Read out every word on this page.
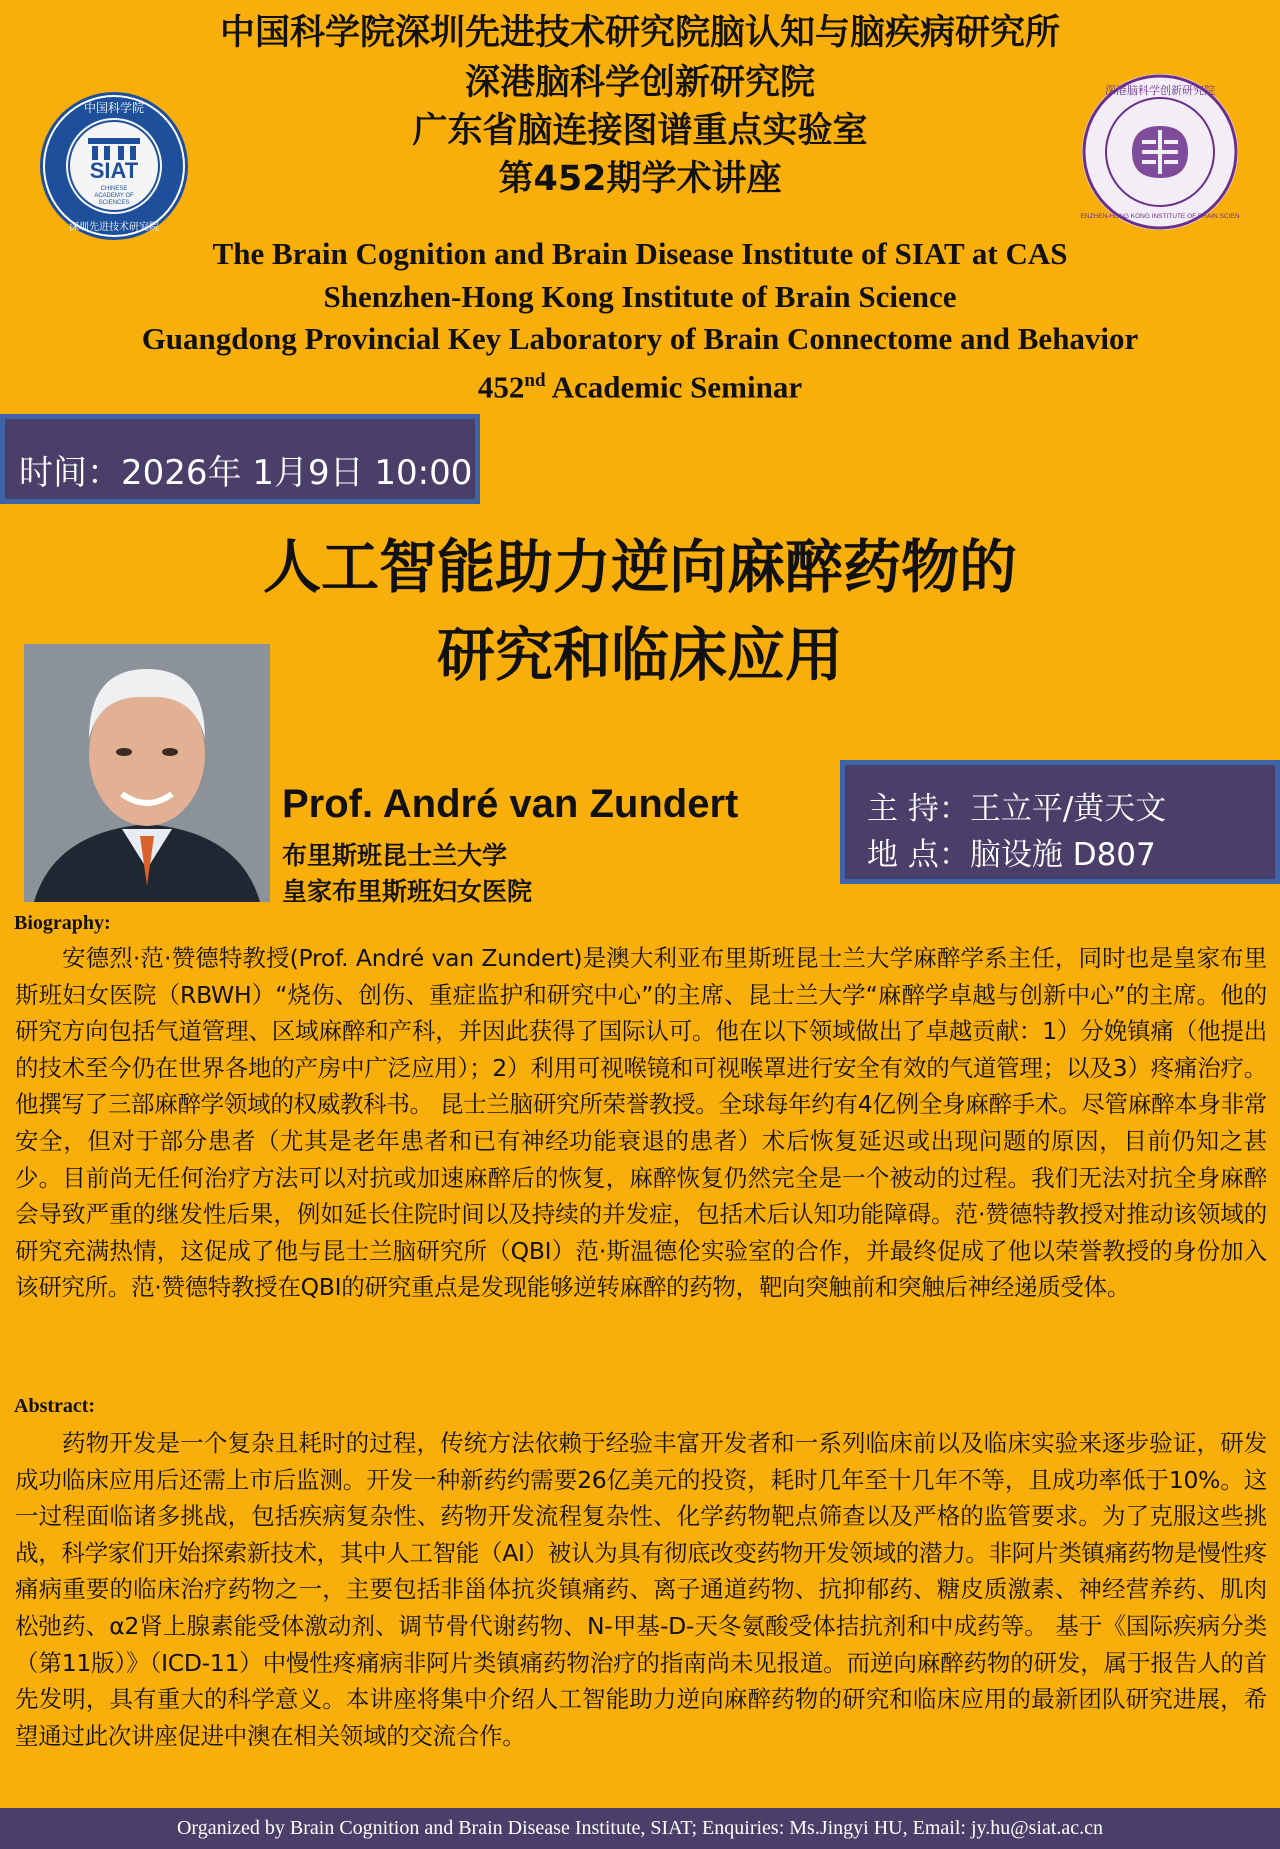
中国科学院深圳先进技术研究院脑认知与脑疾病研究所
深港脑科学创新研究院
广东省脑连接图谱重点实验室
第452期学术讲座
The Brain Cognition and Brain Disease Institute of SIAT at CAS
Shenzhen-Hong Kong Institute of Brain Science
Guangdong Provincial Key Laboratory of Brain Connectome and Behavior
452nd Academic Seminar
SIAT
CHINESE
ACADEMY OF
SCIENCES
中国科学院
深圳先进技术研究院
深港脑科学创新研究院
SHENZHEN-HONG KONG INSTITUTE OF BRAIN SCIENCE
时间：2026年 1月9日 10:00
人工智能助力逆向麻醉药物的
研究和临床应用
Prof. André van Zundert
布里斯班昆士兰大学
皇家布里斯班妇女医院
主 持：王立平/黄天文
地 点：脑设施 D807
Biography:
安德烈·范·赞德特教授(Prof. André van Zundert)是澳大利亚布里斯班昆士兰大学麻醉学系主任，同时也是皇家布里斯班妇女医院（RBWH）“烧伤、创伤、重症监护和研究中心”的主席、昆士兰大学“麻醉学卓越与创新中心”的主席。他的研究方向包括气道管理、区域麻醉和产科，并因此获得了国际认可。他在以下领域做出了卓越贡献：1）分娩镇痛（他提出的技术至今仍在世界各地的产房中广泛应用）；2）利用可视喉镜和可视喉罩进行安全有效的气道管理；以及3）疼痛治疗。他撰写了三部麻醉学领域的权威教科书。 昆士兰脑研究所荣誉教授。全球每年约有4亿例全身麻醉手术。尽管麻醉本身非常安全，但对于部分患者（尤其是老年患者和已有神经功能衰退的患者）术后恢复延迟或出现问题的原因，目前仍知之甚少。目前尚无任何治疗方法可以对抗或加速麻醉后的恢复，麻醉恢复仍然完全是一个被动的过程。我们无法对抗全身麻醉会导致严重的继发性后果，例如延长住院时间以及持续的并发症，包括术后认知功能障碍。范·赞德特教授对推动该领域的研究充满热情，这促成了他与昆士兰脑研究所（QBI）范·斯温德伦实验室的合作，并最终促成了他以荣誉教授的身份加入该研究所。范·赞德特教授在QBI的研究重点是发现能够逆转麻醉的药物，靶向突触前和突触后神经递质受体。
Abstract:
药物开发是一个复杂且耗时的过程，传统方法依赖于经验丰富开发者和一系列临床前以及临床实验来逐步验证，研发成功临床应用后还需上市后监测。开发一种新药约需要26亿美元的投资，耗时几年至十几年不等，且成功率低于10%。这一过程面临诸多挑战，包括疾病复杂性、药物开发流程复杂性、化学药物靶点筛查以及严格的监管要求。为了克服这些挑战，科学家们开始探索新技术，其中人工智能（AI）被认为具有彻底改变药物开发领域的潜力。非阿片类镇痛药物是慢性疼痛病重要的临床治疗药物之一，主要包括非甾体抗炎镇痛药、离子通道药物、抗抑郁药、糖皮质激素、神经营养药、肌肉松弛药、α2肾上腺素能受体激动剂、调节骨代谢药物、N-甲基-D-天冬氨酸受体拮抗剂和中成药等。 基于《国际疾病分类（第11版）》（ICD-11）中慢性疼痛病非阿片类镇痛药物治疗的指南尚未见报道。而逆向麻醉药物的研发，属于报告人的首先发明，具有重大的科学意义。本讲座将集中介绍人工智能助力逆向麻醉药物的研究和临床应用的最新团队研究进展，希望通过此次讲座促进中澳在相关领域的交流合作。
Organized by Brain Cognition and Brain Disease Institute, SIAT; Enquiries: Ms.Jingyi HU, Email: jy.hu@siat.ac.cn
